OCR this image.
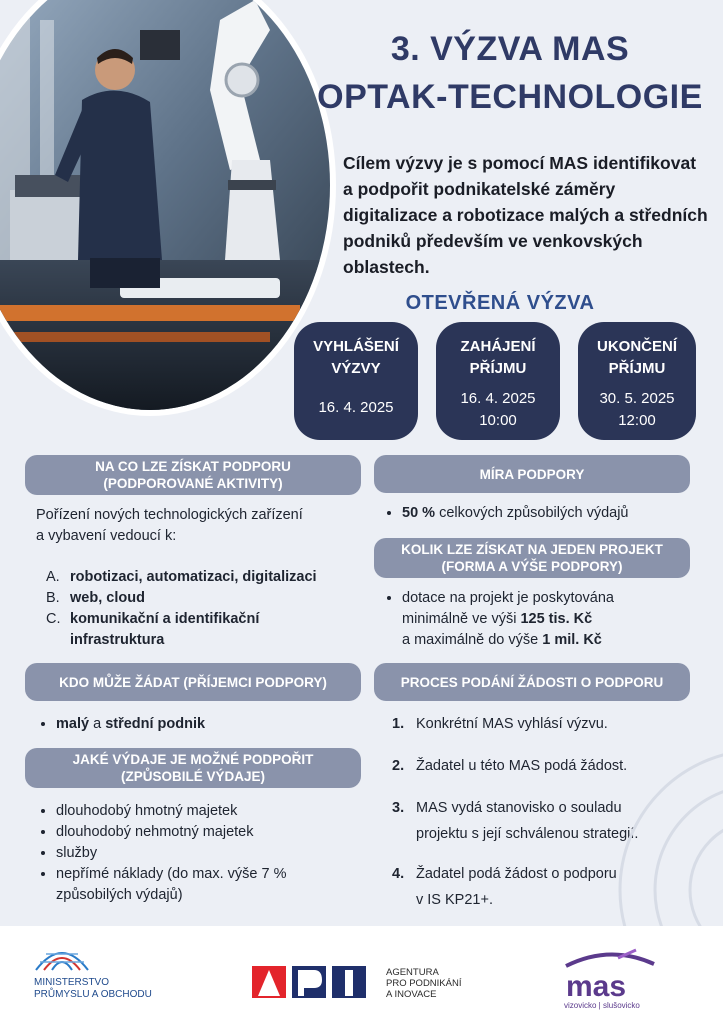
3. VÝZVA MAS
OPTAK-TECHNOLOGIE
Cílem výzvy je s pomocí MAS identifikovat a podpořit podnikatelské záměry digitalizace a robotizace malých a středních podniků především ve venkovských oblastech.
OTEVŘENÁ VÝZVA
VYHLÁŠENÍ
VÝZVY
16. 4. 2025
ZAHÁJENÍ
PŘÍJMU
16. 4. 2025
10:00
UKONČENÍ
PŘÍJMU
30. 5. 2025
12:00
NA CO LZE ZÍSKAT PODPORU
(PODPOROVANÉ AKTIVITY)
Pořízení nových technologických zařízení
a vybavení vedoucí k:
A. robotizaci, automatizaci, digitalizaci
B. web, cloud
C. komunikační a identifikační
infrastruktura
KDO MŮŽE ŽÁDAT (PŘÍJEMCI PODPORY)
• malý a střední podnik
JAKÉ VÝDAJE JE MOŽNÉ PODPOŘIT
(ZPŮSOBILÉ VÝDAJE)
• dlouhodobý hmotný majetek
• dlouhodobý nehmotný majetek
• služby
• nepřímé náklady (do max. výše 7 %
způsobilých výdajů)
MÍRA PODPORY
• 50 % celkových způsobilých výdajů
KOLIK LZE ZÍSKAT NA JEDEN PROJEKT
(FORMA A VÝŠE PODPORY)
• dotace na projekt je poskytována
minimálně ve výši 125 tis. Kč
a maximálně do výše 1 mil. Kč
PROCES PODÁNÍ ŽÁDOSTI O PODPORU
1. Konkrétní MAS vyhlásí výzvu.
2. Žadatel u této MAS podá žádost.
3. MAS vydá stanovisko o souladu
projektu s její schválenou strategií.
4. Žadatel podá žádost o podporu
v IS KP21+.
MINISTERSTVO
PRŮMYSLU A OBCHODU
AGENTURA
PRO PODNIKÁNÍ
A INOVACE	mas
vizovicko | slušovicko
